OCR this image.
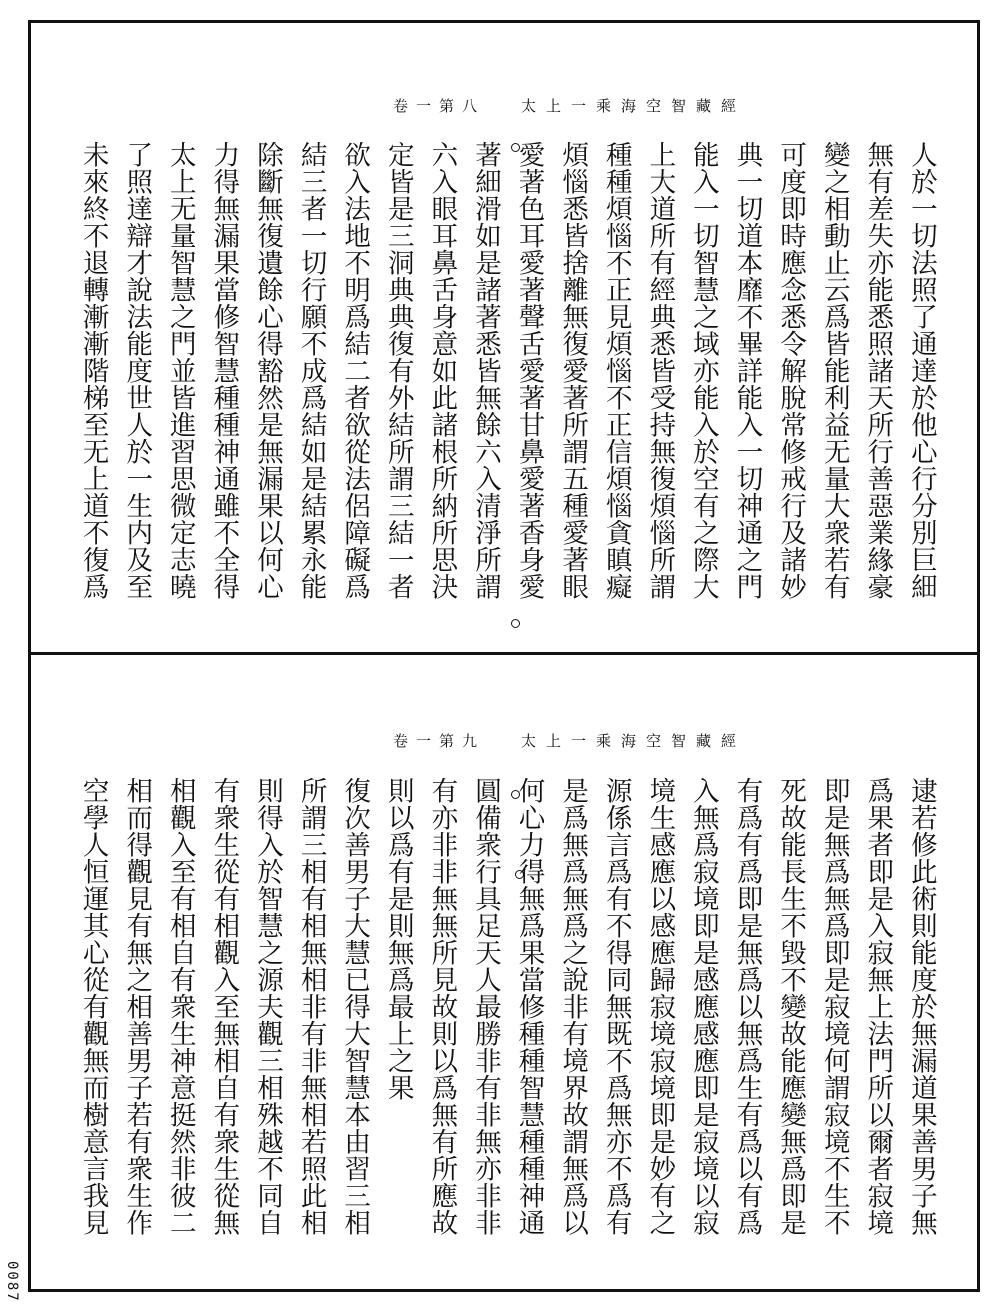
卷一第八 太上一乘海空智藏經
人於一切法照了通達於他心行分別巨細
無有差失亦能悉照諸天所行善惡業緣豪
變之相動止云爲皆能利益无量大衆若有
可度即時應念悉令解脫常修戒行及諸妙
典一切道本靡不畢詳能入一切神通之門
能入一切智慧之域亦能入於空有之際大
上大道所有經典悉皆受持無復煩惱所謂
種種煩惱不正見煩惱不正信煩惱貪瞋癡
煩惱悉皆捨離無復愛著所謂五種愛著眼
愛著色耳愛著聲舌愛著甘鼻愛著香身愛
著細滑如是諸著悉皆無餘六入清淨所謂
六入眼耳鼻舌身意如此諸根所納所思決
定皆是三洞典典復有外結所謂三結一者
欲入法地不明爲結二者欲從法侶障礙爲
結三者一切行願不成爲結如是結累永能
除斷無復遺餘心得豁然是無漏果以何心
力得無漏果當修智慧種種神通雖不全得
太上无量智慧之門並皆進習思微定志曉
了照達辯才說法能度世人於一生内及至
未來終不退轉漸漸階梯至无上道不復爲
卷一第九 太上一乘海空智藏經
逮若修此術則能度於無漏道果善男子無
爲果者即是入寂無上法門所以爾者寂境
即是無爲無爲即是寂境何謂寂境不生不
死故能長生不毀不變故能應變無爲即是
有爲有爲即是無爲以無爲生有爲以有爲
入無爲寂境即是感應感應即是寂境以寂
境生感應以感應歸寂境寂境即是妙有之
源係言爲有不得同無既不爲無亦不爲有
是爲無爲無爲之說非有境界故謂無爲以
何心力得無爲果當修種種智慧種種神通
圓備衆行具足天人最勝非有非無亦非非
有亦非非無無所見故則以爲無有所應故
則以爲有是則無爲最上之果
復次善男子大慧已得大智慧本由習三相
所謂三相有相無相非有非無相若照此相
則得入於智慧之源夫觀三相殊越不同自
有衆生從有相觀入至無相自有衆生從無
相觀入至有相自有衆生神意挺然非彼二
相而得觀見有無之相善男子若有衆生作
空學人恒運其心從有觀無而樹意言我見
0087
